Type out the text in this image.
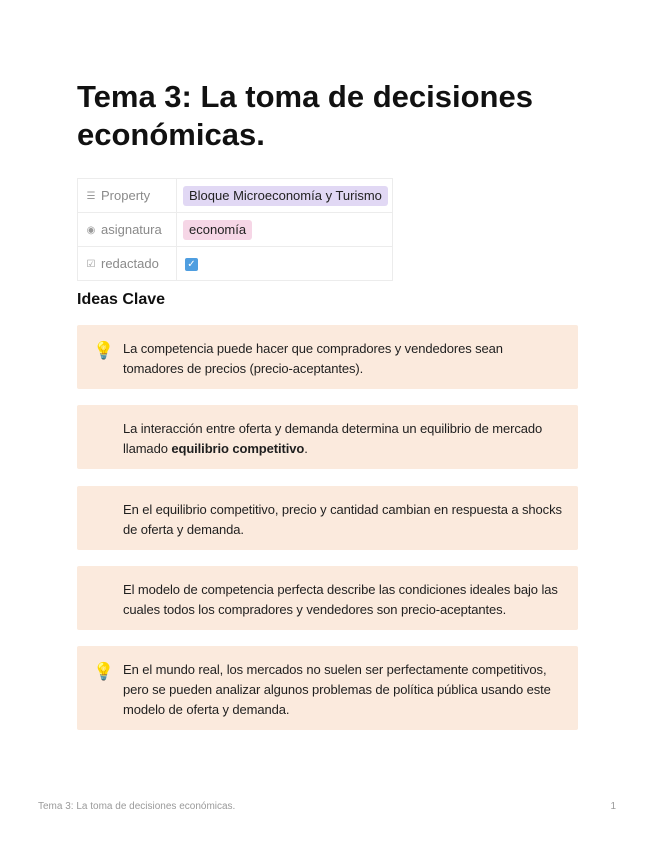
Tema 3: La toma de decisiones económicas.
☰ Property	Bloque Microeconomía y Turismo
◉ asignatura	economía
☑ redactado	✓
Ideas Clave
💡 La competencia puede hacer que compradores y vendedores sean tomadores de precios (precio-aceptantes).
La interacción entre oferta y demanda determina un equilibrio de mercado llamado equilibrio competitivo.
En el equilibrio competitivo, precio y cantidad cambian en respuesta a shocks de oferta y demanda.
El modelo de competencia perfecta describe las condiciones ideales bajo las cuales todos los compradores y vendedores son precio-aceptantes.
💡 En el mundo real, los mercados no suelen ser perfectamente competitivos, pero se pueden analizar algunos problemas de política pública usando este modelo de oferta y demanda.
Tema 3: La toma de decisiones económicas.	1
